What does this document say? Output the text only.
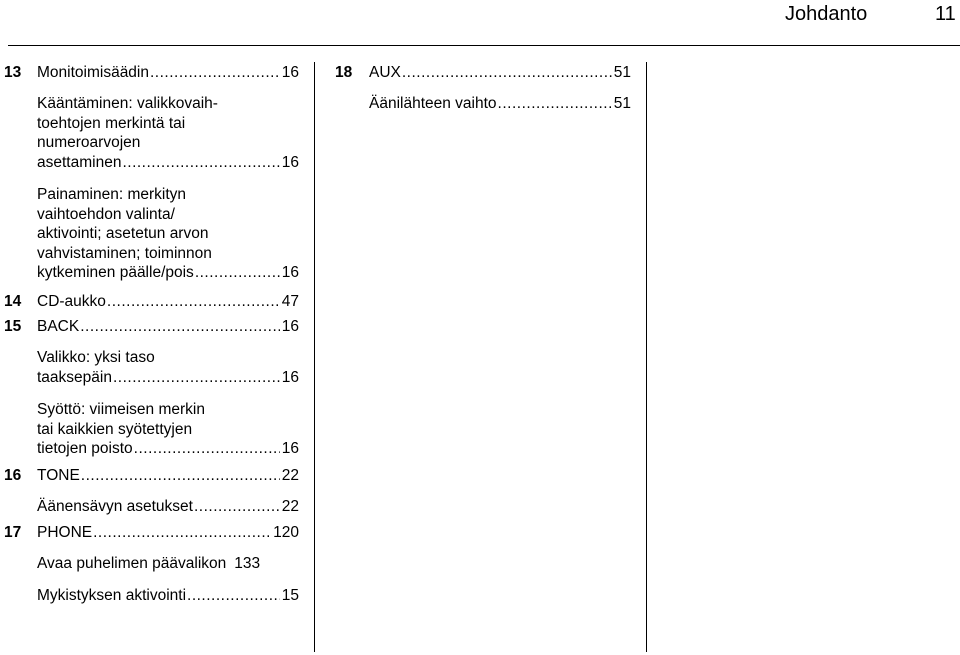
Johdanto	11
13 Monitoimisäädin .....	16
Kääntäminen: valikkovaih-
toehtojen merkintä tai
numeroarvojen
asettaminen .....	16
Painaminen: merkityn
vaihtoehdon valinta/
aktivointi; asetetun arvon
vahvistaminen; toiminnon
kytkeminen päälle/pois .....	16
14 CD-aukko .....	47
15 BACK .....	16
Valikko: yksi taso
taaksepäin .....	16
Syöttö: viimeisen merkin
tai kaikkien syötettyjen
tietojen poisto .....	16
16 TONE .....	22
Äänensävyn asetukset .....	22
17 PHONE .....	120
Avaa puhelimen päävalikon 133
Mykistyksen aktivointi .....	15
18 AUX .....	51
Äänilähteen vaihto .....	51
